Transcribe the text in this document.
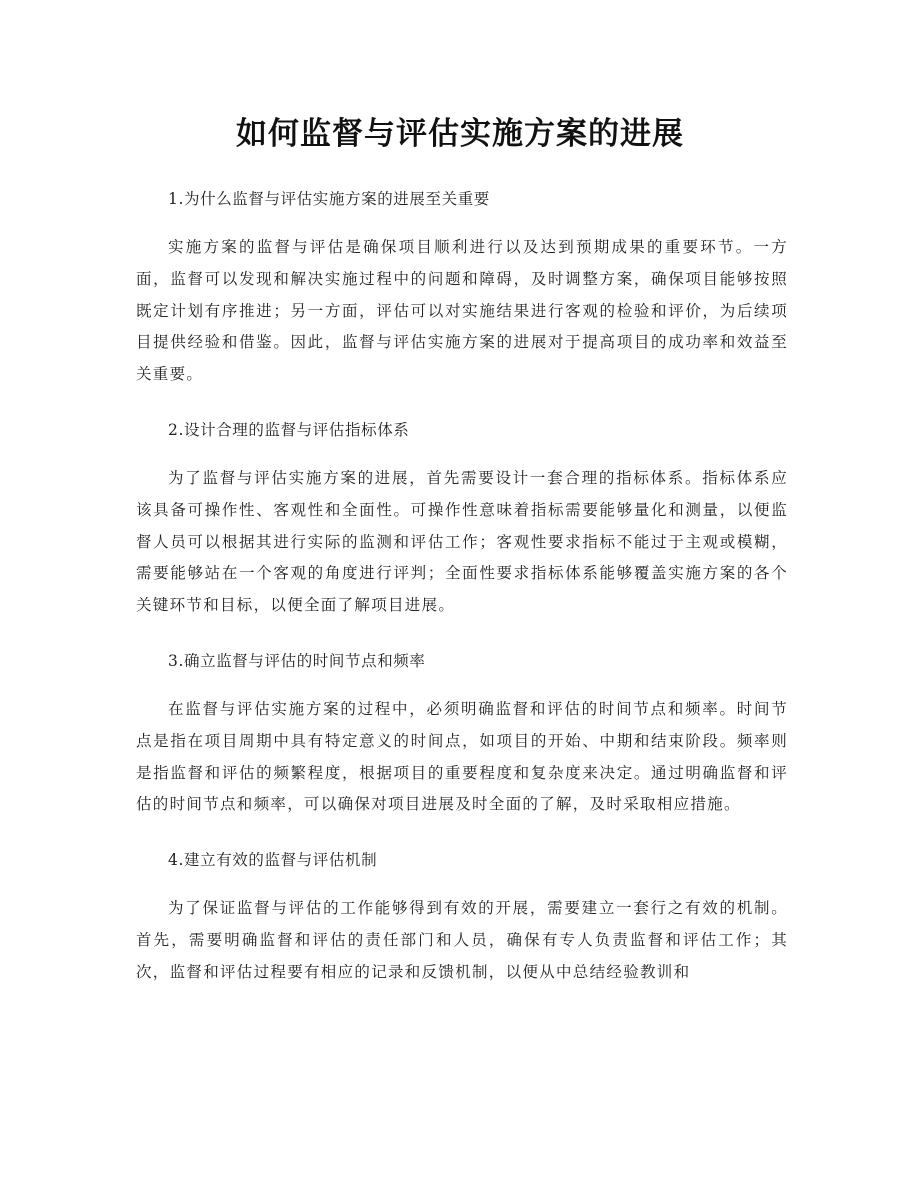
如何监督与评估实施方案的进展

1.为什么监督与评估实施方案的进展至关重要

实施方案的监督与评估是确保项目顺利进行以及达到预期成果的重要环节。一方面，监督可以发现和解决实施过程中的问题和障碍，及时调整方案，确保项目能够按照既定计划有序推进；另一方面，评估可以对实施结果进行客观的检验和评价，为后续项目提供经验和借鉴。因此，监督与评估实施方案的进展对于提高项目的成功率和效益至关重要。

2.设计合理的监督与评估指标体系

为了监督与评估实施方案的进展，首先需要设计一套合理的指标体系。指标体系应该具备可操作性、客观性和全面性。可操作性意味着指标需要能够量化和测量，以便监督人员可以根据其进行实际的监测和评估工作；客观性要求指标不能过于主观或模糊，需要能够站在一个客观的角度进行评判；全面性要求指标体系能够覆盖实施方案的各个关键环节和目标，以便全面了解项目进展。

3.确立监督与评估的时间节点和频率

在监督与评估实施方案的过程中，必须明确监督和评估的时间节点和频率。时间节点是指在项目周期中具有特定意义的时间点，如项目的开始、中期和结束阶段。频率则是指监督和评估的频繁程度，根据项目的重要程度和复杂度来决定。通过明确监督和评估的时间节点和频率，可以确保对项目进展及时全面的了解，及时采取相应措施。

4.建立有效的监督与评估机制

为了保证监督与评估的工作能够得到有效的开展，需要建立一套行之有效的机制。首先，需要明确监督和评估的责任部门和人员，确保有专人负责监督和评估工作；其次，监督和评估过程要有相应的记录和反馈机制，以便从中总结经验教训和
